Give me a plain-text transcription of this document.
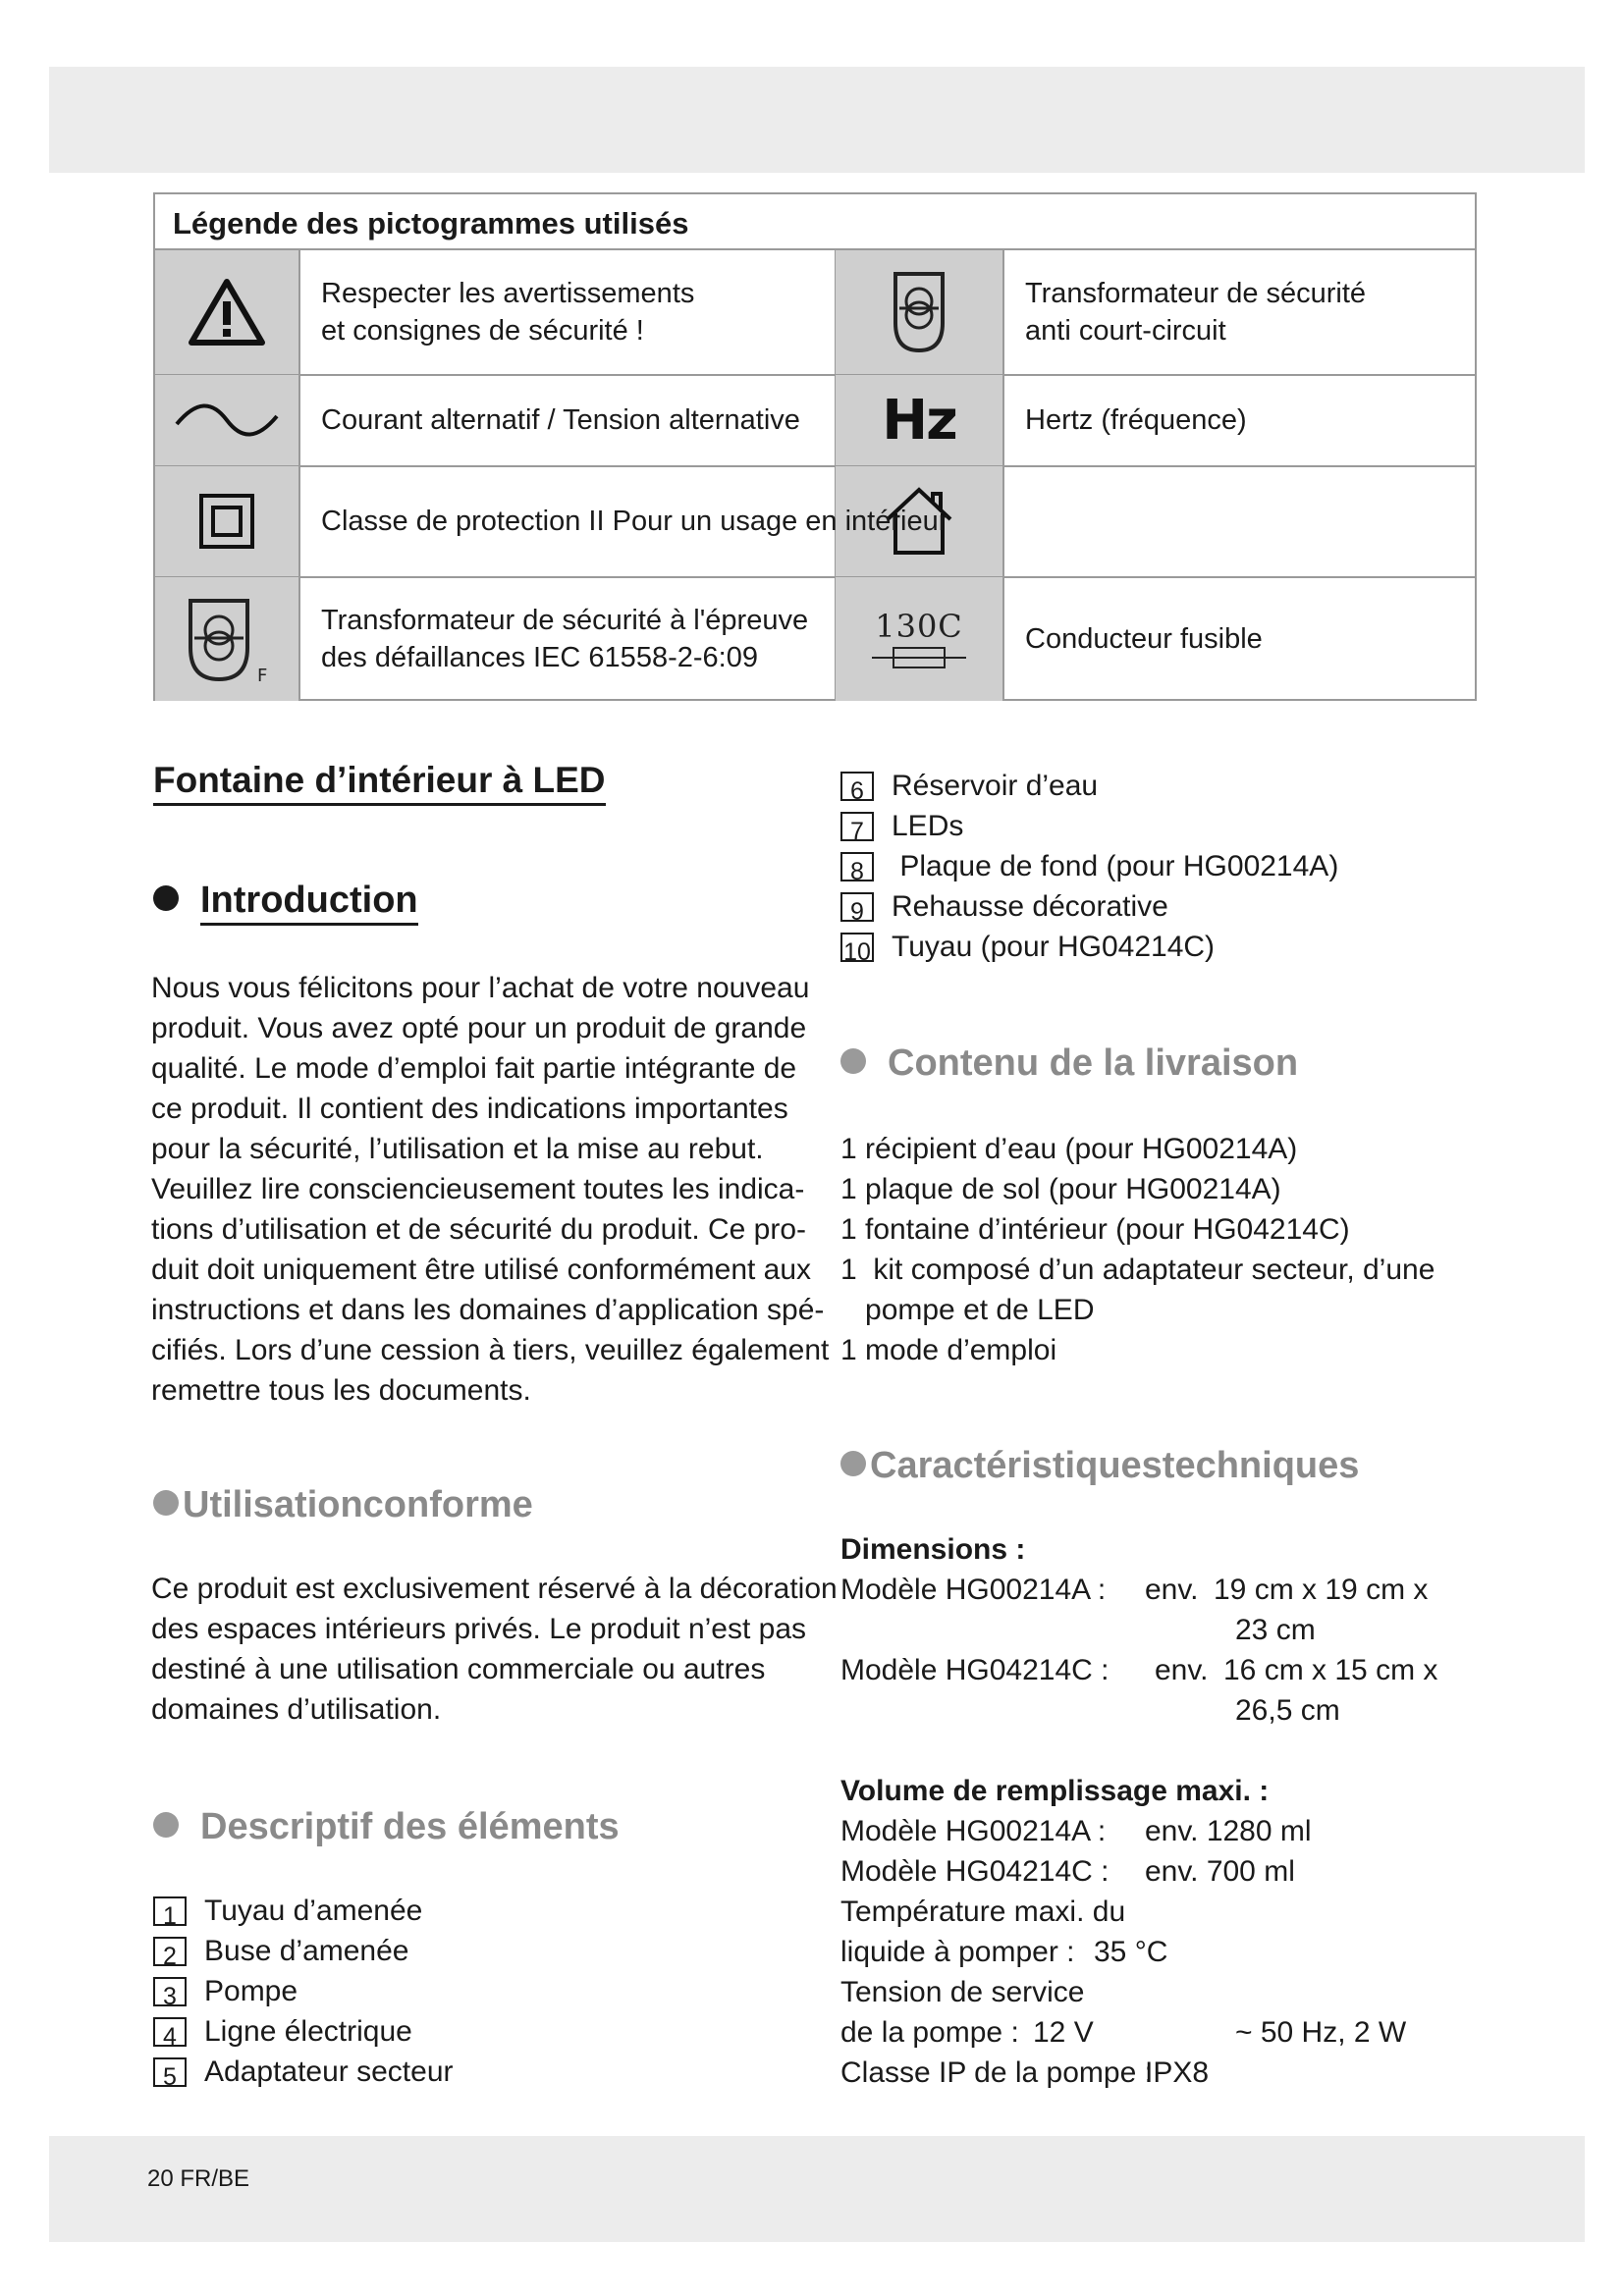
Légende des pictogrammes utilisés
Respecter les avertissements
et consignes de sécurité !
Transformateur de sécurité
anti court-circuit
Courant alternatif / Tension alternative Hz Hertz (fréquence)
Classe de protection II Pour un usage en intérieur
F
Transformateur de sécurité à l'épreuve
des défaillances IEC 61558-2-6:09
130C Conducteur fusible
Fontaine d’intérieur à LED
Introduction
Nous vous félicitons pour l’achat de votre nouveau
produit. Vous avez opté pour un produit de grande
qualité. Le mode d’emploi fait partie intégrante de
ce produit. Il contient des indications importantes
pour la sécurité, l’utilisation et la mise au rebut.
Veuillez lire consciencieusement toutes les indica-
tions d’utilisation et de sécurité du produit. Ce pro-
duit doit uniquement être utilisé conformément aux
instructions et dans les domaines d’application spé-
cifiés. Lors d’une cession à tiers, veuillez également
remettre tous les documents.
Utilisationconforme
Ce produit est exclusivement réservé à la décoration
des espaces intérieurs privés. Le produit n’est pas
destiné à une utilisation commerciale ou autres
domaines d’utilisation.
Descriptif des éléments
1 Tuyau d’amenée
2 Buse d’amenée
3 Pompe
4 Ligne électrique
5 Adaptateur secteur
6 Réservoir d’eau
7 LEDs
8 Plaque de fond (pour HG00214A)
9 Rehausse décorative
10 Tuyau (pour HG04214C)
Contenu de la livraison
1 récipient d’eau (pour HG00214A)
1 plaque de sol (pour HG00214A)
1 fontaine d’intérieur (pour HG04214C)
1  kit composé d’un adaptateur secteur, d’une
pompe et de LED
1 mode d’emploi
Caractéristiquestechniques
Dimensions :
Modèle HG00214A : env. 19 cm x 19 cm x
23 cm
Modèle HG04214C : env. 16 cm x 15 cm x
26,5 cm
Volume de remplissage maxi. :
Modèle HG00214A : env. 1280 ml
Modèle HG04214C : env. 700 ml
Température maxi. du
liquide à pomper : 35 °C
Tension de service
de la pompe : 12 V	~ 50 Hz, 2 W
Classe IP de la pompe :
IPX8
20 FR/BE
